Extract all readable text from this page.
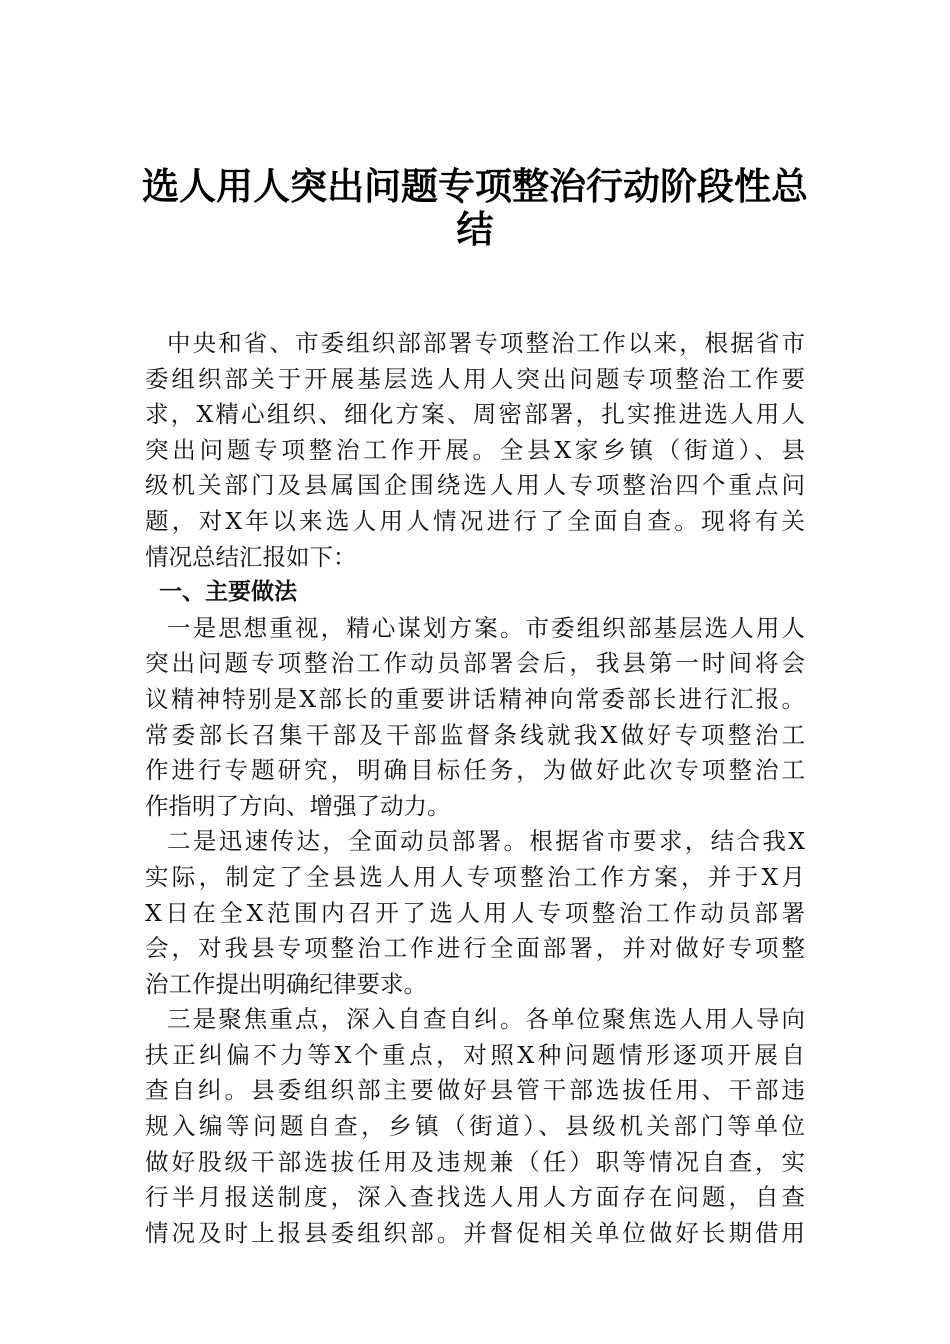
选人用人突出问题专项整治行动阶段性总
结
中央和省、市委组织部部署专项整治工作以来，根据省市
委组织部关于开展基层选人用人突出问题专项整治工作要
求，X精心组织、细化方案、周密部署，扎实推进选人用人
突出问题专项整治工作开展。全县X家乡镇（街道）、县
级机关部门及县属国企围绕选人用人专项整治四个重点问
题，对X年以来选人用人情况进行了全面自查。现将有关
情况总结汇报如下：
一、主要做法
一是思想重视，精心谋划方案。市委组织部基层选人用人
突出问题专项整治工作动员部署会后，我县第一时间将会
议精神特别是X部长的重要讲话精神向常委部长进行汇报。
常委部长召集干部及干部监督条线就我X做好专项整治工
作进行专题研究，明确目标任务，为做好此次专项整治工
作指明了方向、增强了动力。
二是迅速传达，全面动员部署。根据省市要求，结合我X
实际，制定了全县选人用人专项整治工作方案，并于X月
X日在全X范围内召开了选人用人专项整治工作动员部署
会，对我县专项整治工作进行全面部署，并对做好专项整
治工作提出明确纪律要求。
三是聚焦重点，深入自查自纠。各单位聚焦选人用人导向
扶正纠偏不力等X个重点，对照X种问题情形逐项开展自
查自纠。县委组织部主要做好县管干部选拔任用、干部违
规入编等问题自查，乡镇（街道）、县级机关部门等单位
做好股级干部选拔任用及违规兼（任）职等情况自查，实
行半月报送制度，深入查找选人用人方面存在问题，自查
情况及时上报县委组织部。并督促相关单位做好长期借用
